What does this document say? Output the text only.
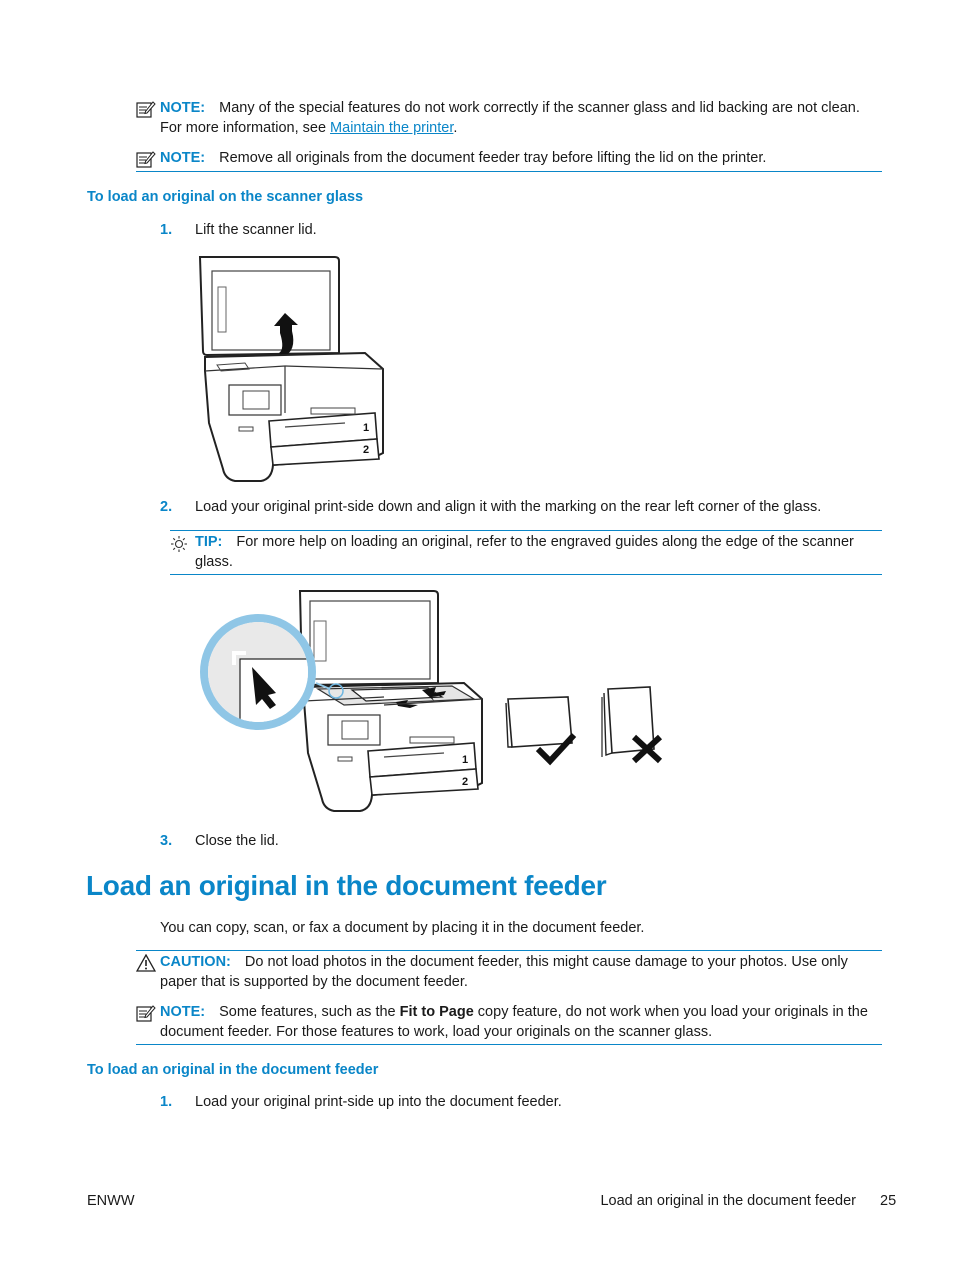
NOTE: Many of the special features do not work correctly if the scanner glass and lid backing are not clean. For more information, see Maintain the printer.
NOTE: Remove all originals from the document feeder tray before lifting the lid on the printer.
To load an original on the scanner glass
1. Lift the scanner lid.
1
2
2. Load your original print-side down and align it with the marking on the rear left corner of the glass.
TIP: For more help on loading an original, refer to the engraved guides along the edge of the scanner glass.
1
2
3. Close the lid.
Load an original in the document feeder
You can copy, scan, or fax a document by placing it in the document feeder.
CAUTION: Do not load photos in the document feeder, this might cause damage to your photos. Use only paper that is supported by the document feeder.
NOTE: Some features, such as the Fit to Page copy feature, do not work when you load your originals in the document feeder. For those features to work, load your originals on the scanner glass.
To load an original in the document feeder
1. Load your original print-side up into the document feeder.
ENWW	Load an original in the document feeder 25
